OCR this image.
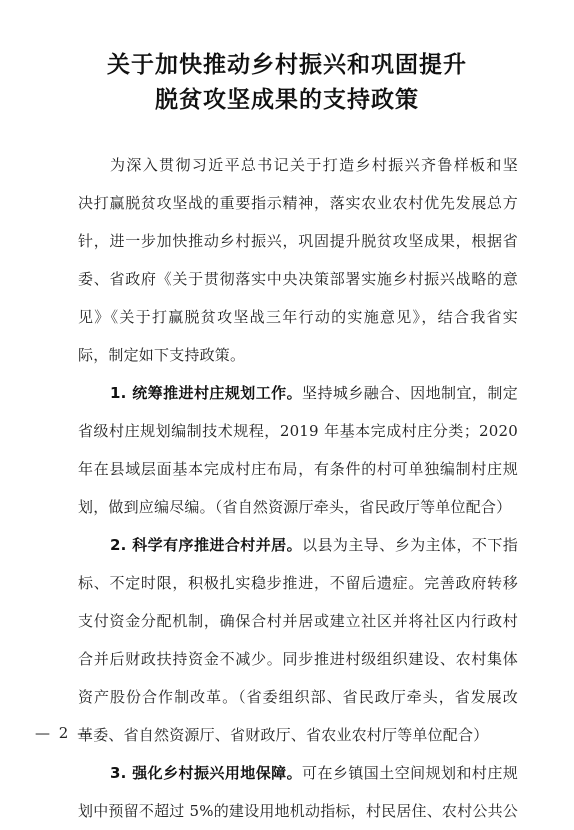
关于加快推动乡村振兴和巩固提升
脱贫攻坚成果的支持政策
为深入贯彻习近平总书记关于打造乡村振兴齐鲁样板和坚
决打赢脱贫攻坚战的重要指示精神，落实农业农村优先发展总方
针，进一步加快推动乡村振兴，巩固提升脱贫攻坚成果，根据省
委、省政府《关于贯彻落实中央决策部署实施乡村振兴战略的意
见》《关于打赢脱贫攻坚战三年行动的实施意见》，结合我省实
际，制定如下支持政策。
1. 统筹推进村庄规划工作。坚持城乡融合、因地制宜，制定
省级村庄规划编制技术规程，2019 年基本完成村庄分类；2020
年在县域层面基本完成村庄布局，有条件的村可单独编制村庄规
划，做到应编尽编。（省自然资源厅牵头，省民政厅等单位配合）
2. 科学有序推进合村并居。以县为主导、乡为主体，不下指
标、不定时限，积极扎实稳步推进，不留后遗症。完善政府转移
支付资金分配机制，确保合村并居或建立社区并将社区内行政村
合并后财政扶持资金不减少。同步推进村级组织建设、农村集体
资产股份合作制改革。（省委组织部、省民政厅牵头，省发展改
革委、省自然资源厅、省财政厅、省农业农村厅等单位配合）
3. 强化乡村振兴用地保障。可在乡镇国土空间规划和村庄规
划中预留不超过 5%的建设用地机动指标，村民居住、农村公共公
— 2 —
